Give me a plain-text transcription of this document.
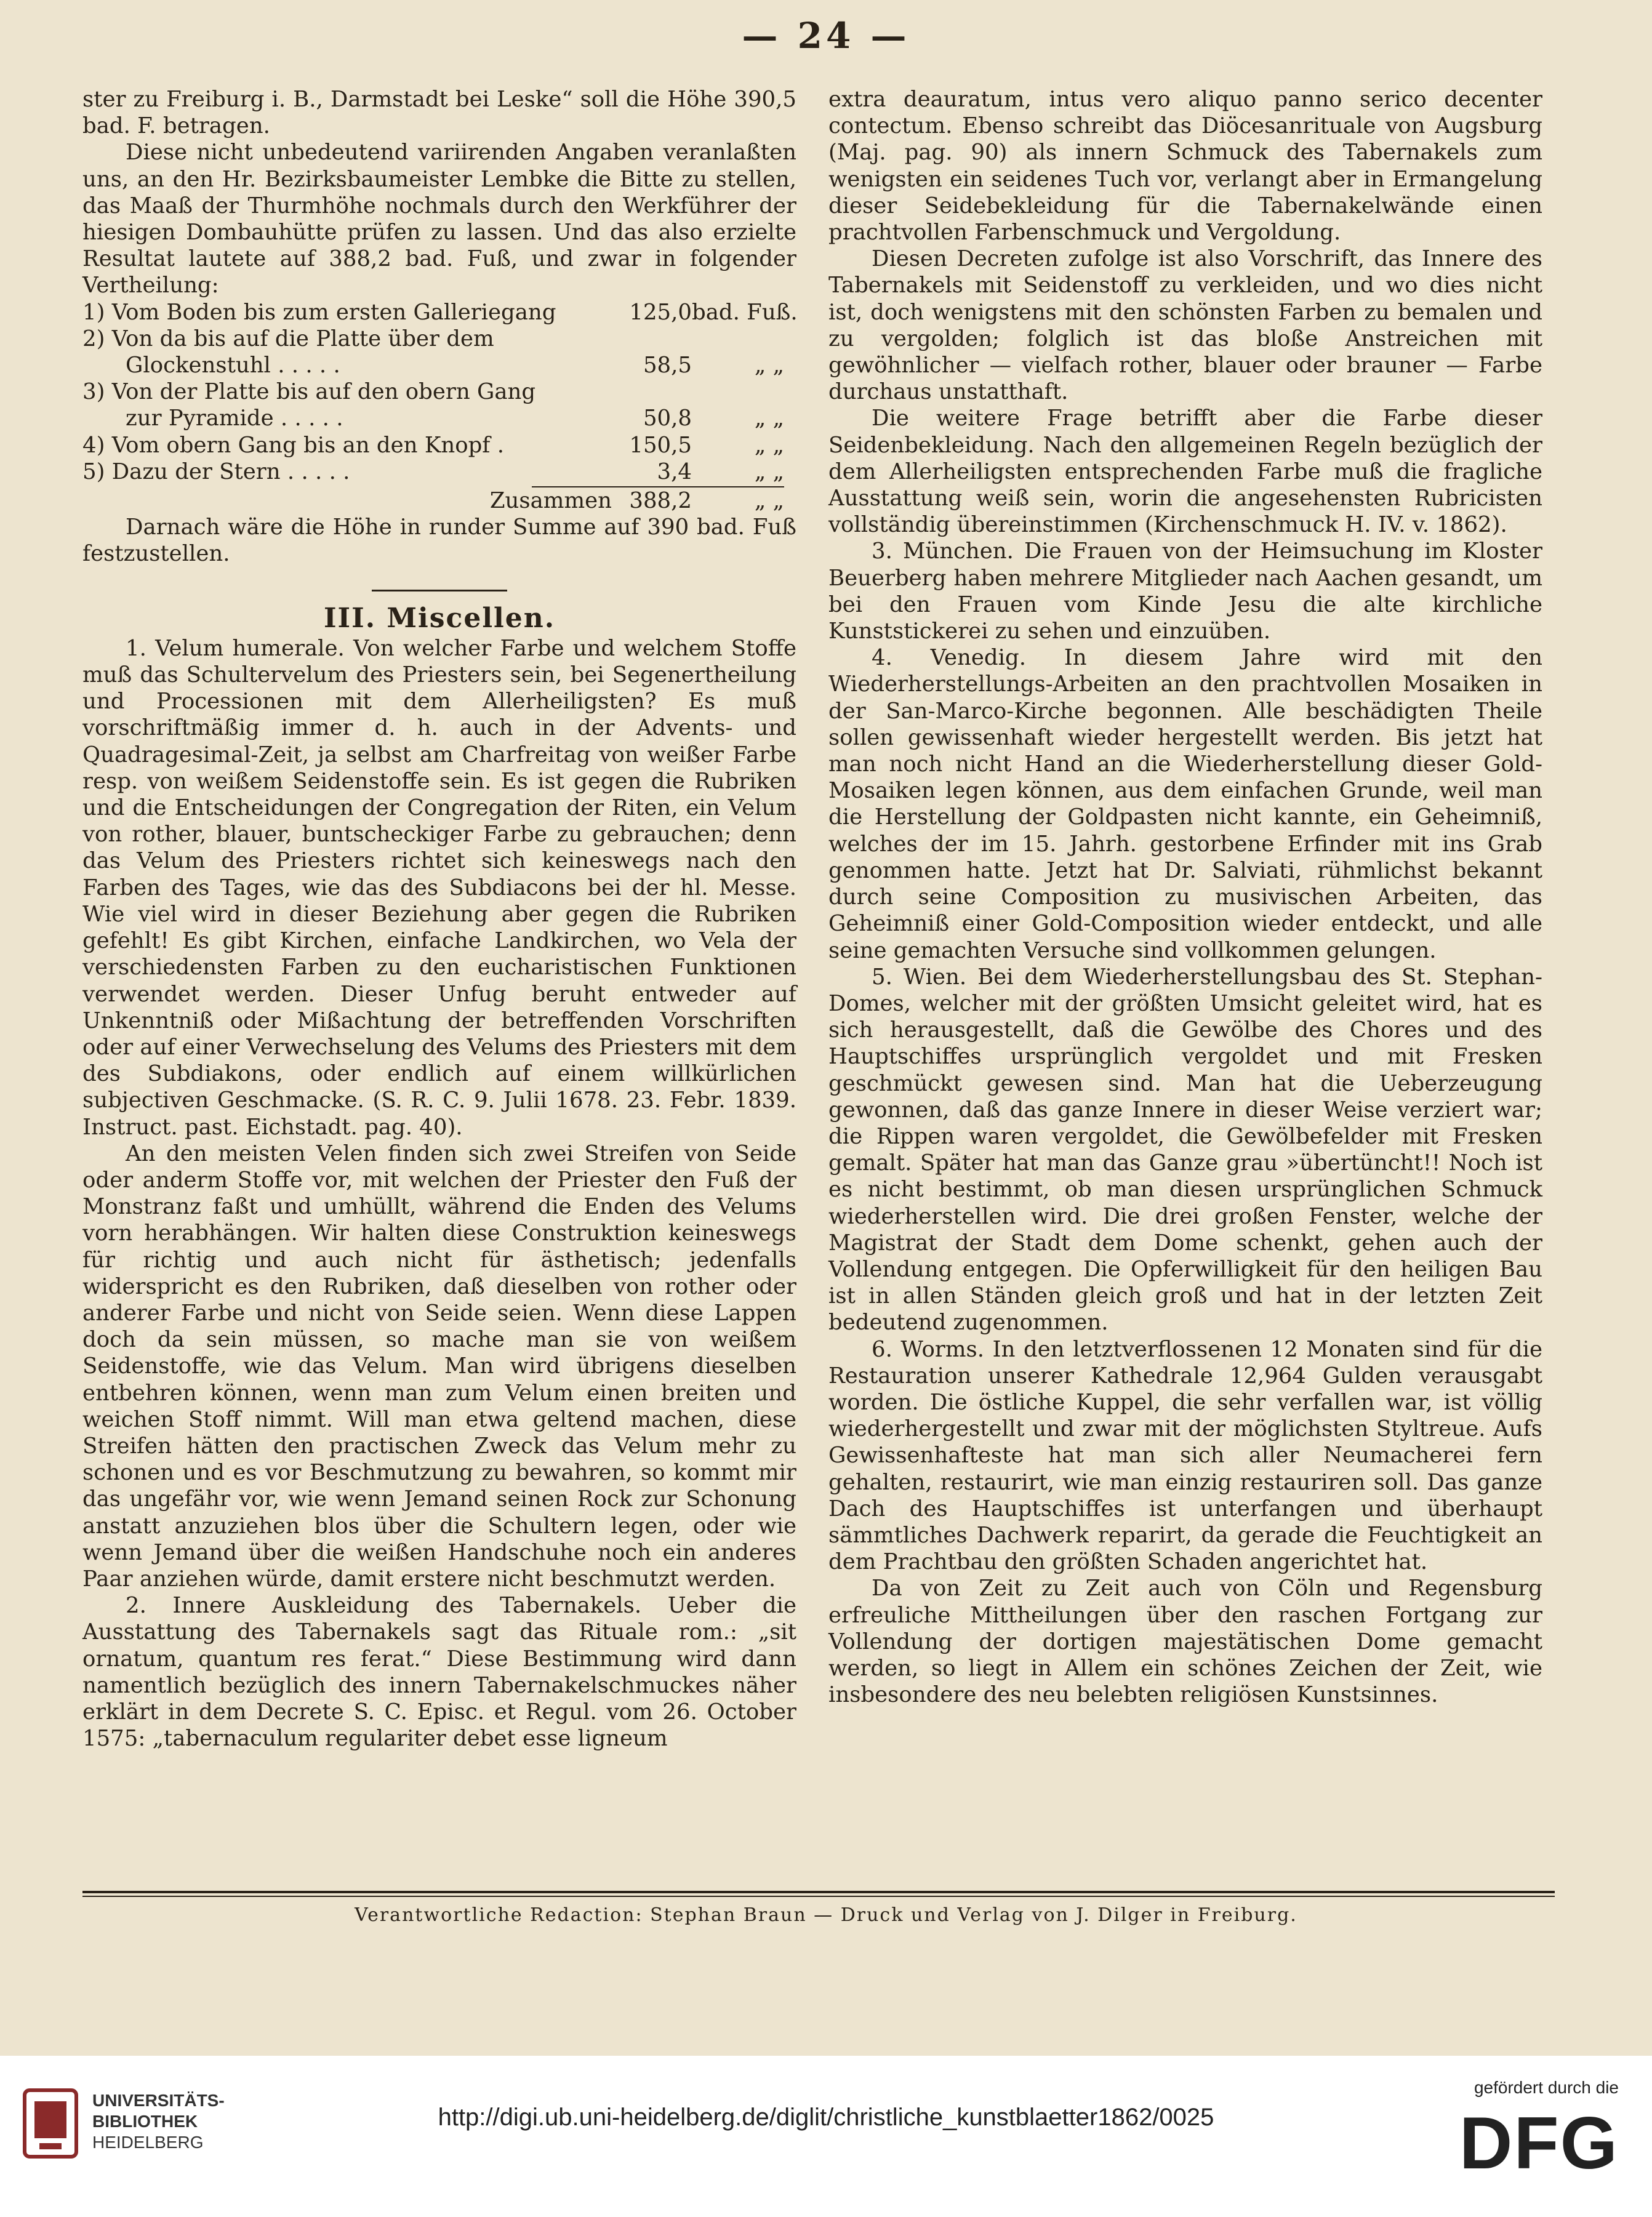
— 24 —

ster zu Freiburg i. B., Darmstadt bei Leske“ soll die Höhe 390,5 bad. F. betragen.

Diese nicht unbedeutend variirenden Angaben veranlaßten uns, an den Hr. Bezirksbaumeister Lembke die Bitte zu stellen, das Maaß der Thurmhöhe nochmals durch den Werkführer der hiesigen Dombauhütte prüfen zu lassen. Und das also erzielte Resultat lautete auf 388,2 bad. Fuß, und zwar in folgender Vertheilung:

1) Vom Boden bis zum ersten Galleriegang	125,0 bad. Fuß.
2) Von da bis auf die Platte über dem
Glockenstuhl . . . . .	58,5	„ „
3) Von der Platte bis auf den obern Gang
zur Pyramide . . . . .	50,8	„ „
4) Vom obern Gang bis an den Knopf .	150,5	„ „
5) Dazu der Stern . . . . .	3,4	„ „
Zusammen 388,2	„ „

Darnach wäre die Höhe in runder Summe auf 390 bad. Fuß festzustellen.

III. Miscellen.

1. Velum humerale. Von welcher Farbe und welchem Stoffe muß das Schultervelum des Priesters sein, bei Segenertheilung und Processionen mit dem Allerheiligsten? Es muß vorschriftmäßig immer d. h. auch in der Advents- und Quadragesimal-Zeit, ja selbst am Charfreitag von weißer Farbe resp. von weißem Seidenstoffe sein. Es ist gegen die Rubriken und die Entscheidungen der Congregation der Riten, ein Velum von rother, blauer, buntscheckiger Farbe zu gebrauchen; denn das Velum des Priesters richtet sich keineswegs nach den Farben des Tages, wie das des Subdiacons bei der hl. Messe. Wie viel wird in dieser Beziehung aber gegen die Rubriken gefehlt! Es gibt Kirchen, einfache Landkirchen, wo Vela der verschiedensten Farben zu den eucharistischen Funktionen verwendet werden. Dieser Unfug beruht entweder auf Unkenntniß oder Mißachtung der betreffenden Vorschriften oder auf einer Verwechselung des Velums des Priesters mit dem des Subdiakons, oder endlich auf einem willkürlichen subjectiven Geschmacke. (S. R. C. 9. Julii 1678. 23. Febr. 1839. Instruct. past. Eichstadt. pag. 40).

An den meisten Velen finden sich zwei Streifen von Seide oder anderm Stoffe vor, mit welchen der Priester den Fuß der Monstranz faßt und umhüllt, während die Enden des Velums vorn herabhängen. Wir halten diese Construktion keineswegs für richtig und auch nicht für ästhetisch; jedenfalls widerspricht es den Rubriken, daß dieselben von rother oder anderer Farbe und nicht von Seide seien. Wenn diese Lappen doch da sein müssen, so mache man sie von weißem Seidenstoffe, wie das Velum. Man wird übrigens dieselben entbehren können, wenn man zum Velum einen breiten und weichen Stoff nimmt. Will man etwa geltend machen, diese Streifen hätten den practischen Zweck das Velum mehr zu schonen und es vor Beschmutzung zu bewahren, so kommt mir das ungefähr vor, wie wenn Jemand seinen Rock zur Schonung anstatt anzuziehen blos über die Schultern legen, oder wie wenn Jemand über die weißen Handschuhe noch ein anderes Paar anziehen würde, damit erstere nicht beschmutzt werden.

2. Innere Auskleidung des Tabernakels. Ueber die Ausstattung des Tabernakels sagt das Rituale rom.: „sit ornatum, quantum res ferat.“ Diese Bestimmung wird dann namentlich bezüglich des innern Tabernakelschmuckes näher erklärt in dem Decrete S. C. Episc. et Regul. vom 26. October 1575: „tabernaculum regulariter debet esse ligneum

extra deauratum, intus vero aliquo panno serico decenter contectum. Ebenso schreibt das Diöcesanrituale von Augsburg (Maj. pag. 90) als innern Schmuck des Tabernakels zum wenigsten ein seidenes Tuch vor, verlangt aber in Ermangelung dieser Seidebekleidung für die Tabernakelwände einen prachtvollen Farbenschmuck und Vergoldung.

Diesen Decreten zufolge ist also Vorschrift, das Innere des Tabernakels mit Seidenstoff zu verkleiden, und wo dies nicht ist, doch wenigstens mit den schönsten Farben zu bemalen und zu vergolden; folglich ist das bloße Anstreichen mit gewöhnlicher — vielfach rother, blauer oder brauner — Farbe durchaus unstatthaft.

Die weitere Frage betrifft aber die Farbe dieser Seidenbekleidung. Nach den allgemeinen Regeln bezüglich der dem Allerheiligsten entsprechenden Farbe muß die fragliche Ausstattung weiß sein, worin die angesehensten Rubricisten vollständig übereinstimmen (Kirchenschmuck H. IV. v. 1862).

3. München. Die Frauen von der Heimsuchung im Kloster Beuerberg haben mehrere Mitglieder nach Aachen gesandt, um bei den Frauen vom Kinde Jesu die alte kirchliche Kunststickerei zu sehen und einzuüben.

4. Venedig. In diesem Jahre wird mit den Wiederherstellungs-Arbeiten an den prachtvollen Mosaiken in der San-Marco-Kirche begonnen. Alle beschädigten Theile sollen gewissenhaft wieder hergestellt werden. Bis jetzt hat man noch nicht Hand an die Wiederherstellung dieser Gold-Mosaiken legen können, aus dem einfachen Grunde, weil man die Herstellung der Goldpasten nicht kannte, ein Geheimniß, welches der im 15. Jahrh. gestorbene Erfinder mit ins Grab genommen hatte. Jetzt hat Dr. Salviati, rühmlichst bekannt durch seine Composition zu musivischen Arbeiten, das Geheimniß einer Gold-Composition wieder entdeckt, und alle seine gemachten Versuche sind vollkommen gelungen.

5. Wien. Bei dem Wiederherstellungsbau des St. Stephan-Domes, welcher mit der größten Umsicht geleitet wird, hat es sich herausgestellt, daß die Gewölbe des Chores und des Hauptschiffes ursprünglich vergoldet und mit Fresken geschmückt gewesen sind. Man hat die Ueberzeugung gewonnen, daß das ganze Innere in dieser Weise verziert war; die Rippen waren vergoldet, die Gewölbefelder mit Fresken gemalt. Später hat man das Ganze grau »übertüncht!! Noch ist es nicht bestimmt, ob man diesen ursprünglichen Schmuck wiederherstellen wird. Die drei großen Fenster, welche der Magistrat der Stadt dem Dome schenkt, gehen auch der Vollendung entgegen. Die Opferwilligkeit für den heiligen Bau ist in allen Ständen gleich groß und hat in der letzten Zeit bedeutend zugenommen.

6. Worms. In den letztverflossenen 12 Monaten sind für die Restauration unserer Kathedrale 12,964 Gulden verausgabt worden. Die östliche Kuppel, die sehr verfallen war, ist völlig wiederhergestellt und zwar mit der möglichsten Styltreue. Aufs Gewissenhafteste hat man sich aller Neumacherei fern gehalten, restaurirt, wie man einzig restauriren soll. Das ganze Dach des Hauptschiffes ist unterfangen und überhaupt sämmtliches Dachwerk reparirt, da gerade die Feuchtigkeit an dem Prachtbau den größten Schaden angerichtet hat.

Da von Zeit zu Zeit auch von Cöln und Regensburg erfreuliche Mittheilungen über den raschen Fortgang zur Vollendung der dortigen majestätischen Dome gemacht werden, so liegt in Allem ein schönes Zeichen der Zeit, wie insbesondere des neu belebten religiösen Kunstsinnes.

Verantwortliche Redaction: Stephan Braun — Druck und Verlag von J. Dilger in Freiburg.
UNIVERSITÄTS-
BIBLIOTHEK
HEIDELBERG
http://digi.ub.uni-heidelberg.de/diglit/christliche_kunstblaetter1862/0025
gefördert durch die
DFG
